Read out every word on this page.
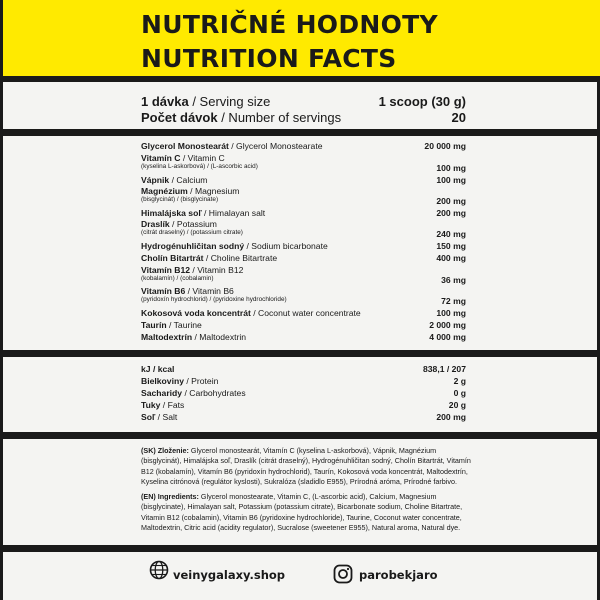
NUTRIČNÉ HODNOTY
NUTRITION FACTS
1 dávka / Serving size	1 scoop (30 g)
Počet dávok / Number of servings	20
Glycerol Monostearát / Glycerol Monostearate	20 000 mg
Vitamín C / Vitamin C
(kyselina L-askorbová) / (L-ascorbic acid)	100 mg
Vápnik / Calcium	100 mg
Magnézium / Magnesium
(bisglycinát) / (bisglycinate)	200 mg
Himalájska soľ / Himalayan salt	200 mg
Draslík / Potassium
(citrát draselný) / (potassium citrate)	240 mg
Hydrogénuhličitan sodný / Sodium bicarbonate	150 mg
Cholín Bitartrát / Choline Bitartrate	400 mg
Vitamín B12 / Vitamin B12
(kobalamín) / (cobalamin)	36 mg
Vitamín B6 / Vitamin B6
(pyridoxín hydrochlorid) / (pyridoxine hydrochloride)	72 mg
Kokosová voda koncentrát / Coconut water concentrate	100 mg
Taurín / Taurine	2 000 mg
Maltodextrín / Maltodextrin	4 000 mg
kJ / kcal	838,1 / 207
Bielkoviny / Protein	2 g
Sacharidy / Carbohydrates	0 g
Tuky / Fats	20 g
Soľ / Salt	200 mg
(SK) Zloženie: Glycerol monostearát, Vitamín C (kyselina L-askorbová), Vápnik, Magnézium (bisglycinát), Himalájska soľ, Draslík (citrát draselný), Hydrogénuhličitan sodný, Cholín Bitartrát, Vitamín B12 (kobalamín), Vitamín B6 (pyridoxín hydrochlorid), Taurín, Kokosová voda koncentrát, Maltodextrín, Kyselina citrónová (regulátor kyslosti), Sukralóza (sladidlo E955), Prírodná aróma, Prírodné farbivo.
(EN) Ingredients: Glycerol monostearate, Vitamin C, (L-ascorbic acid), Calcium, Magnesium (bisglycinate), Himalayan salt, Potassium (potassium citrate), Bicarbonate sodium, Choline Bitartrate, Vitamin B12 (cobalamin), Vitamin B6 (pyridoxine hydrochloride), Taurine, Coconut water concentrate, Maltodextrin, Citric acid (acidity regulator), Sucralose (sweetener E955), Natural aroma, Natural dye.
veinygalaxy.shop	parobekjaro
